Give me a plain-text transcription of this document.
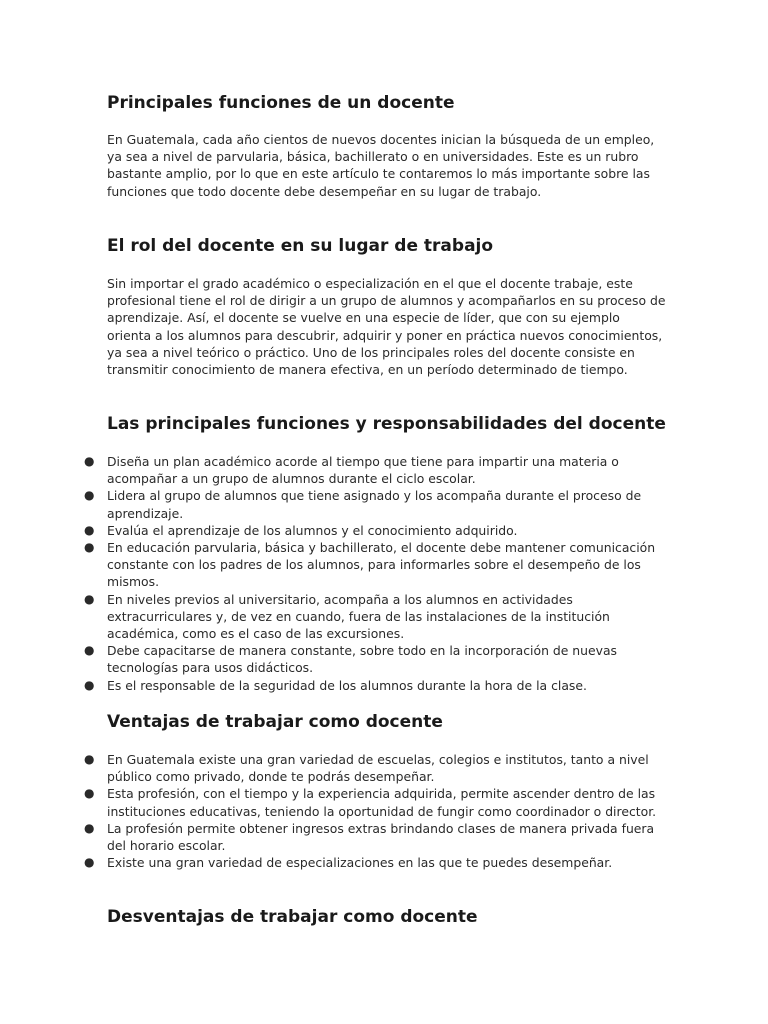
Principales funciones de un docente

En Guatemala, cada año cientos de nuevos docentes inician la búsqueda de un empleo, ya sea a nivel de parvularia, básica, bachillerato o en universidades. Este es un rubro bastante amplio, por lo que en este artículo te contaremos lo más importante sobre las funciones que todo docente debe desempeñar en su lugar de trabajo.

El rol del docente en su lugar de trabajo

Sin importar el grado académico o especialización en el que el docente trabaje, este profesional tiene el rol de dirigir a un grupo de alumnos y acompañarlos en su proceso de aprendizaje. Así, el docente se vuelve en una especie de líder, que con su ejemplo orienta a los alumnos para descubrir, adquirir y poner en práctica nuevos conocimientos, ya sea a nivel teórico o práctico. Uno de los principales roles del docente consiste en transmitir conocimiento de manera efectiva, en un período determinado de tiempo.

Las principales funciones y responsabilidades del docente
● Diseña un plan académico acorde al tiempo que tiene para impartir una materia o acompañar a un grupo de alumnos durante el ciclo escolar.
● Lidera al grupo de alumnos que tiene asignado y los acompaña durante el proceso de aprendizaje.
● Evalúa el aprendizaje de los alumnos y el conocimiento adquirido.
● En educación parvularia, básica y bachillerato, el docente debe mantener comunicación constante con los padres de los alumnos, para informarles sobre el desempeño de los mismos.
● En niveles previos al universitario, acompaña a los alumnos en actividades extracurriculares y, de vez en cuando, fuera de las instalaciones de la institución académica, como es el caso de las excursiones.
● Debe capacitarse de manera constante, sobre todo en la incorporación de nuevas tecnologías para usos didácticos.
● Es el responsable de la seguridad de los alumnos durante la hora de la clase.
Ventajas de trabajar como docente
● En Guatemala existe una gran variedad de escuelas, colegios e institutos, tanto a nivel público como privado, donde te podrás desempeñar.
● Esta profesión, con el tiempo y la experiencia adquirida, permite ascender dentro de las instituciones educativas, teniendo la oportunidad de fungir como coordinador o director.
● La profesión permite obtener ingresos extras brindando clases de manera privada fuera del horario escolar.
● Existe una gran variedad de especializaciones en las que te puedes desempeñar.
Desventajas de trabajar como docente
